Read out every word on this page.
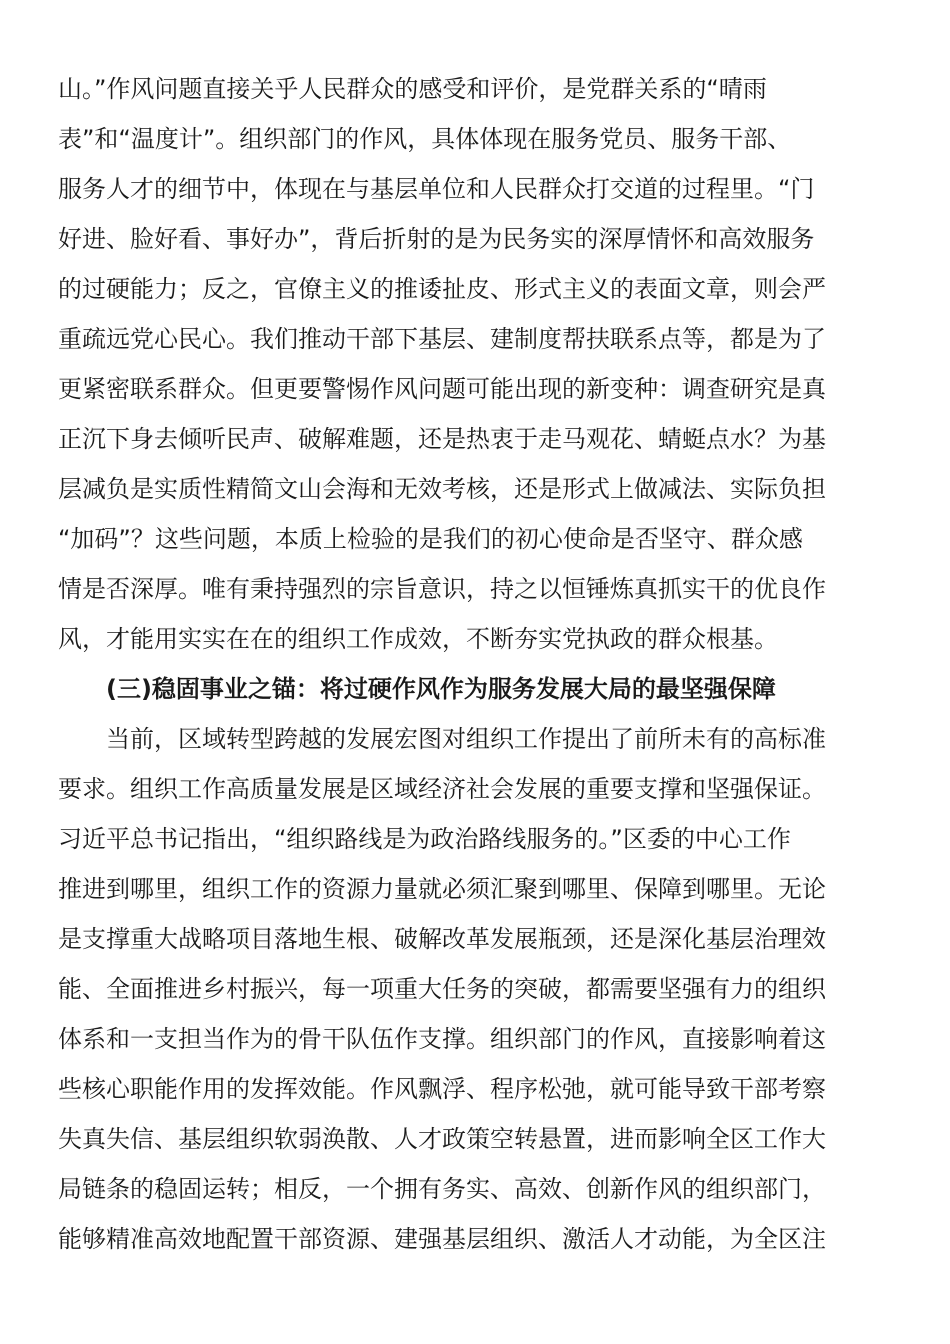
山。”作风问题直接关乎人民群众的感受和评价，是党群关系的“晴雨
表”和“温度计”。组织部门的作风，具体体现在服务党员、服务干部、
服务人才的细节中，体现在与基层单位和人民群众打交道的过程里。“门
好进、脸好看、事好办”，背后折射的是为民务实的深厚情怀和高效服务
的过硬能力；反之，官僚主义的推诿扯皮、形式主义的表面文章，则会严
重疏远党心民心。我们推动干部下基层、建制度帮扶联系点等，都是为了
更紧密联系群众。但更要警惕作风问题可能出现的新变种：调查研究是真
正沉下身去倾听民声、破解难题，还是热衷于走马观花、蜻蜓点水？为基
层减负是实质性精简文山会海和无效考核，还是形式上做减法、实际负担
“加码”？这些问题，本质上检验的是我们的初心使命是否坚守、群众感
情是否深厚。唯有秉持强烈的宗旨意识，持之以恒锤炼真抓实干的优良作
风，才能用实实在在的组织工作成效，不断夯实党执政的群众根基。
(三)稳固事业之锚：将过硬作风作为服务发展大局的最坚强保障
当前，区域转型跨越的发展宏图对组织工作提出了前所未有的高标准
要求。组织工作高质量发展是区域经济社会发展的重要支撑和坚强保证。
习近平总书记指出，“组织路线是为政治路线服务的。”区委的中心工作
推进到哪里，组织工作的资源力量就必须汇聚到哪里、保障到哪里。无论
是支撑重大战略项目落地生根、破解改革发展瓶颈，还是深化基层治理效
能、全面推进乡村振兴，每一项重大任务的突破，都需要坚强有力的组织
体系和一支担当作为的骨干队伍作支撑。组织部门的作风，直接影响着这
些核心职能作用的发挥效能。作风飘浮、程序松弛，就可能导致干部考察
失真失信、基层组织软弱涣散、人才政策空转悬置，进而影响全区工作大
局链条的稳固运转；相反，一个拥有务实、高效、创新作风的组织部门，
能够精准高效地配置干部资源、建强基层组织、激活人才动能，为全区注
